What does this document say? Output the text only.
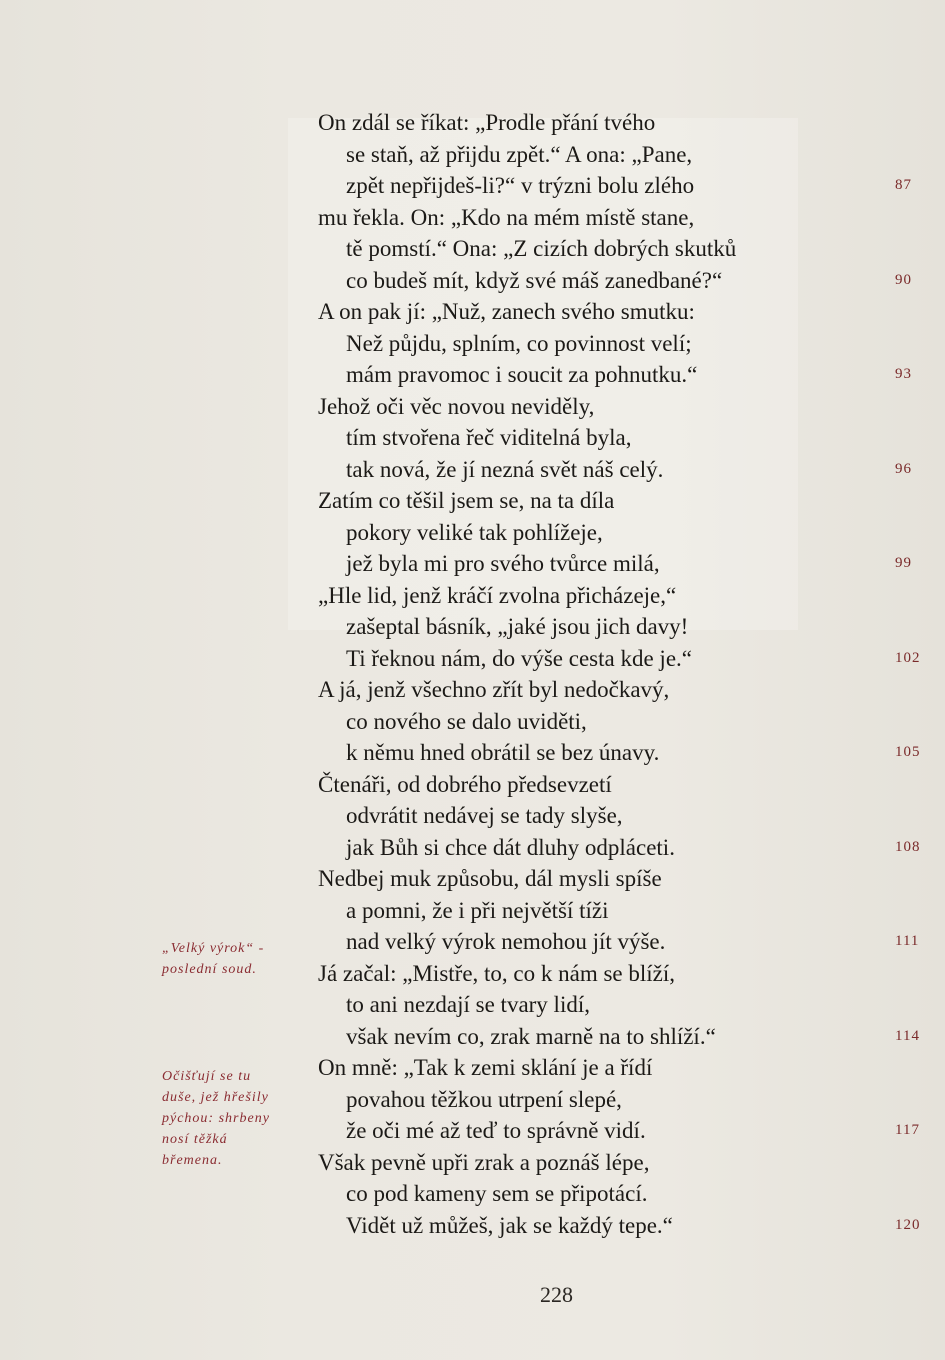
On zdál se říkat: „Prodle přání tvého
se staň, až přijdu zpět.“ A ona: „Pane,
zpět nepřijdeš-li?“ v trýzni bolu zlého
mu řekla. On: „Kdo na mém místě stane,
tě pomstí.“ Ona: „Z cizích dobrých skutků
co budeš mít, když své máš zanedbané?“
A on pak jí: „Nuž, zanech svého smutku:
Než půjdu, splním, co povinnost velí;
mám pravomoc i soucit za pohnutku.“
Jehož oči věc novou neviděly,
tím stvořena řeč viditelná byla,
tak nová, že jí nezná svět náš celý.
Zatím co těšil jsem se, na ta díla
pokory veliké tak pohlížeje,
jež byla mi pro svého tvůrce milá,
„Hle lid, jenž kráčí zvolna přicházeje,“
zašeptal básník, „jaké jsou jich davy!
Ti řeknou nám, do výše cesta kde je.“
A já, jenž všechno zřít byl nedočkavý,
co nového se dalo uviděti,
k němu hned obrátil se bez únavy.
Čtenáři, od dobrého předsevzetí
odvrátit nedávej se tady slyše,
jak Bůh si chce dát dluhy odpláceti.
Nedbej muk způsobu, dál mysli spíše
a pomni, že i při největší tíži
nad velký výrok nemohou jít výše.
Já začal: „Mistře, to, co k nám se blíží,
to ani nezdají se tvary lidí,
však nevím co, zrak marně na to shlíží.“
On mně: „Tak k zemi sklání je a řídí
povahou těžkou utrpení slepé,
že oči mé až teď to správně vidí.
Však pevně upři zrak a poznáš lépe,
co pod kameny sem se připotácí.
Vidět už můžeš, jak se každý tepe.“
87
90
93
96
99
102
105
108
111
114
117
120
„Velký výrok“ -
poslední soud.
Očišťují se tu
duše, jež hřešily
pýchou: shrbeny
nosí těžká
břemena.
228
